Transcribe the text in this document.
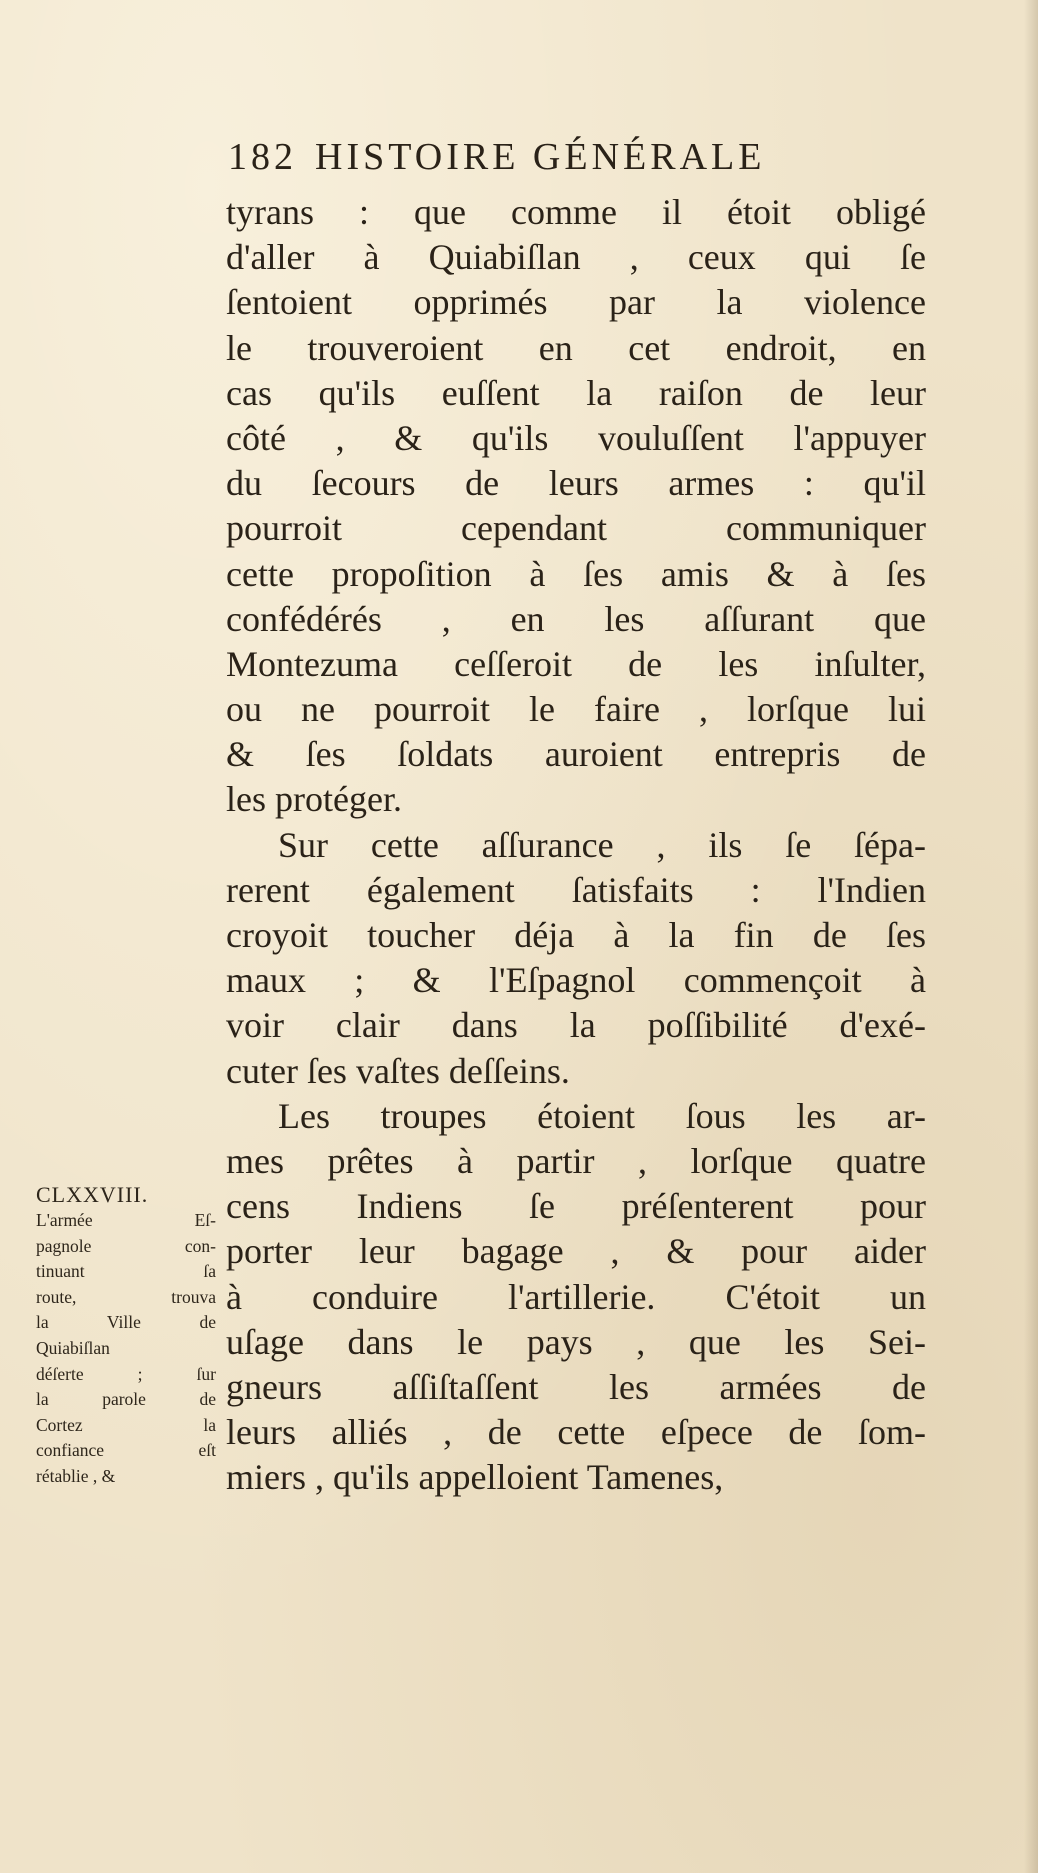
182 HISTOIRE GÉNÉRALE
tyrans : que comme il étoit obligé
d'aller à Quiabiſlan , ceux qui ſe
ſentoient opprimés par la violence
le trouveroient en cet endroit, en
cas qu'ils euſſent la raiſon de leur
côté , & qu'ils vouluſſent l'appuyer
du ſecours de leurs armes : qu'il
pourroit cependant communiquer
cette propoſition à ſes amis & à ſes
confédérés , en les aſſurant que
Montezuma ceſſeroit de les inſulter,
ou ne pourroit le faire , lorſque lui
& ſes ſoldats auroient entrepris de
les protéger.
Sur cette aſſurance , ils ſe ſépa-
rerent également ſatisfaits : l'Indien
croyoit toucher déja à la fin de ſes
maux ; & l'Eſpagnol commençoit à
voir clair dans la poſſibilité d'exé-
cuter ſes vaſtes deſſeins.
Les troupes étoient ſous les ar-
mes prêtes à partir , lorſque quatre
cens Indiens ſe préſenterent pour
porter leur bagage , & pour aider
à conduire l'artillerie. C'étoit un
uſage dans le pays , que les Sei-
gneurs aſſiſtaſſent les armées de
leurs alliés , de cette eſpece de ſom-
miers , qu'ils appelloient Tamenes,
CLXXVIII.
L'armée Eſ-
pagnole con-
tinuant ſa
route, trouva
la Ville de
Quiabiſlan
déſerte ; ſur
la parole de
Cortez la
confiance eſt
rétablie , &
